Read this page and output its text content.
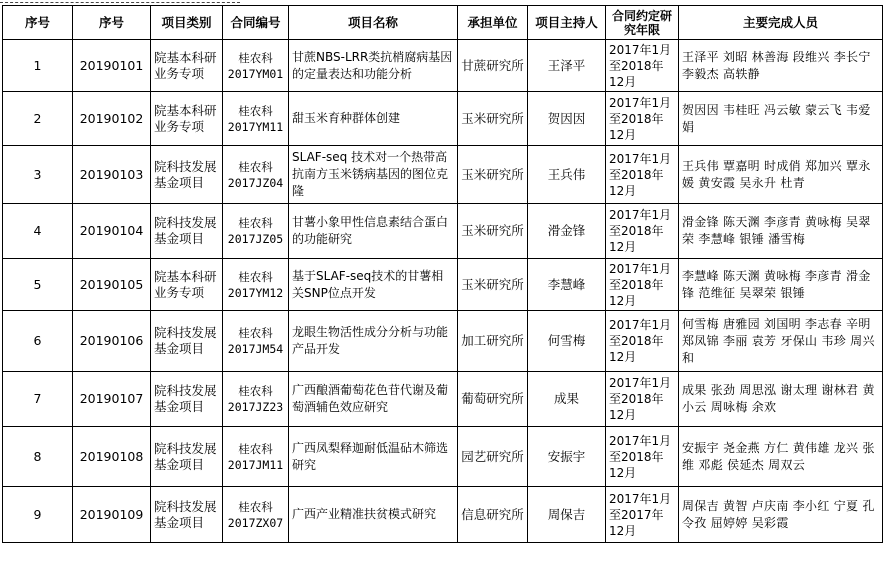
序号	序号	项目类别	合同编号	项目名称	承担单位	项目主持人	合同约定研究年限	主要完成人员
1	20190101	院基本科研业务专项	桂农科2017YM01	甘蔗NBS-LRR类抗梢腐病基因的定量表达和功能分析	甘蔗研究所	王泽平	2017年1月至2018年12月	王泽平 刘昭 林善海 段维兴 李长宁 李毅杰 高轶静
2	20190102	院基本科研业务专项	桂农科2017YM11	甜玉米育种群体创建	玉米研究所	贺因因	2017年1月至2018年12月	贺因因 韦桂旺 冯云敏 蒙云飞 韦爱娟
3	20190103	院科技发展基金项目	桂农科2017JZ04	SLAF-seq 技术对一个热带高抗南方玉米锈病基因的图位克隆	玉米研究所	王兵伟	2017年1月至2018年12月	王兵伟 覃嘉明 时成俏 郑加兴 覃永媛 黄安霞 吴永升 杜青
4	20190104	院科技发展基金项目	桂农科2017JZ05	甘薯小象甲性信息素结合蛋白的功能研究	玉米研究所	滑金锋	2017年1月至2018年12月	滑金锋 陈天渊 李彦青 黄咏梅 吴翠荣 李慧峰 银锤 潘雪梅
5	20190105	院基本科研业务专项	桂农科2017YM12	基于SLAF-seq技术的甘薯相关SNP位点开发	玉米研究所	李慧峰	2017年1月至2018年12月	李慧峰 陈天渊 黄咏梅 李彦青 滑金锋 范维征 吴翠荣 银锤
6	20190106	院科技发展基金项目	桂农科2017JM54	龙眼生物活性成分分析与功能产品开发	加工研究所	何雪梅	2017年1月至2018年12月	何雪梅 唐雅园 刘国明 李志春 辛明 郑凤锦 李丽 袁芳 牙保山 韦珍 周兴和
7	20190107	院科技发展基金项目	桂农科2017JZ23	广西酿酒葡萄花色苷代谢及葡萄酒辅色效应研究	葡萄研究所	成果	2017年1月至2018年12月	成果 张劲 周思泓 谢太理 谢林君 黄小云 周咏梅 余欢
8	20190108	院科技发展基金项目	桂农科2017JM11	广西凤梨释迦耐低温砧木筛选研究	园艺研究所	安振宇	2017年1月至2018年12月	安振宇 尧金燕 方仁 黄伟雄 龙兴 张维 邓彪 侯延杰 周双云
9	20190109	院科技发展基金项目	桂农科2017ZX07	广西产业精准扶贫模式研究	信息研究所	周保吉	2017年1月至2017年12月	周保吉 黄智 卢庆南 李小红 宁夏 孔令孜 屈婷婷 吴彩霞
